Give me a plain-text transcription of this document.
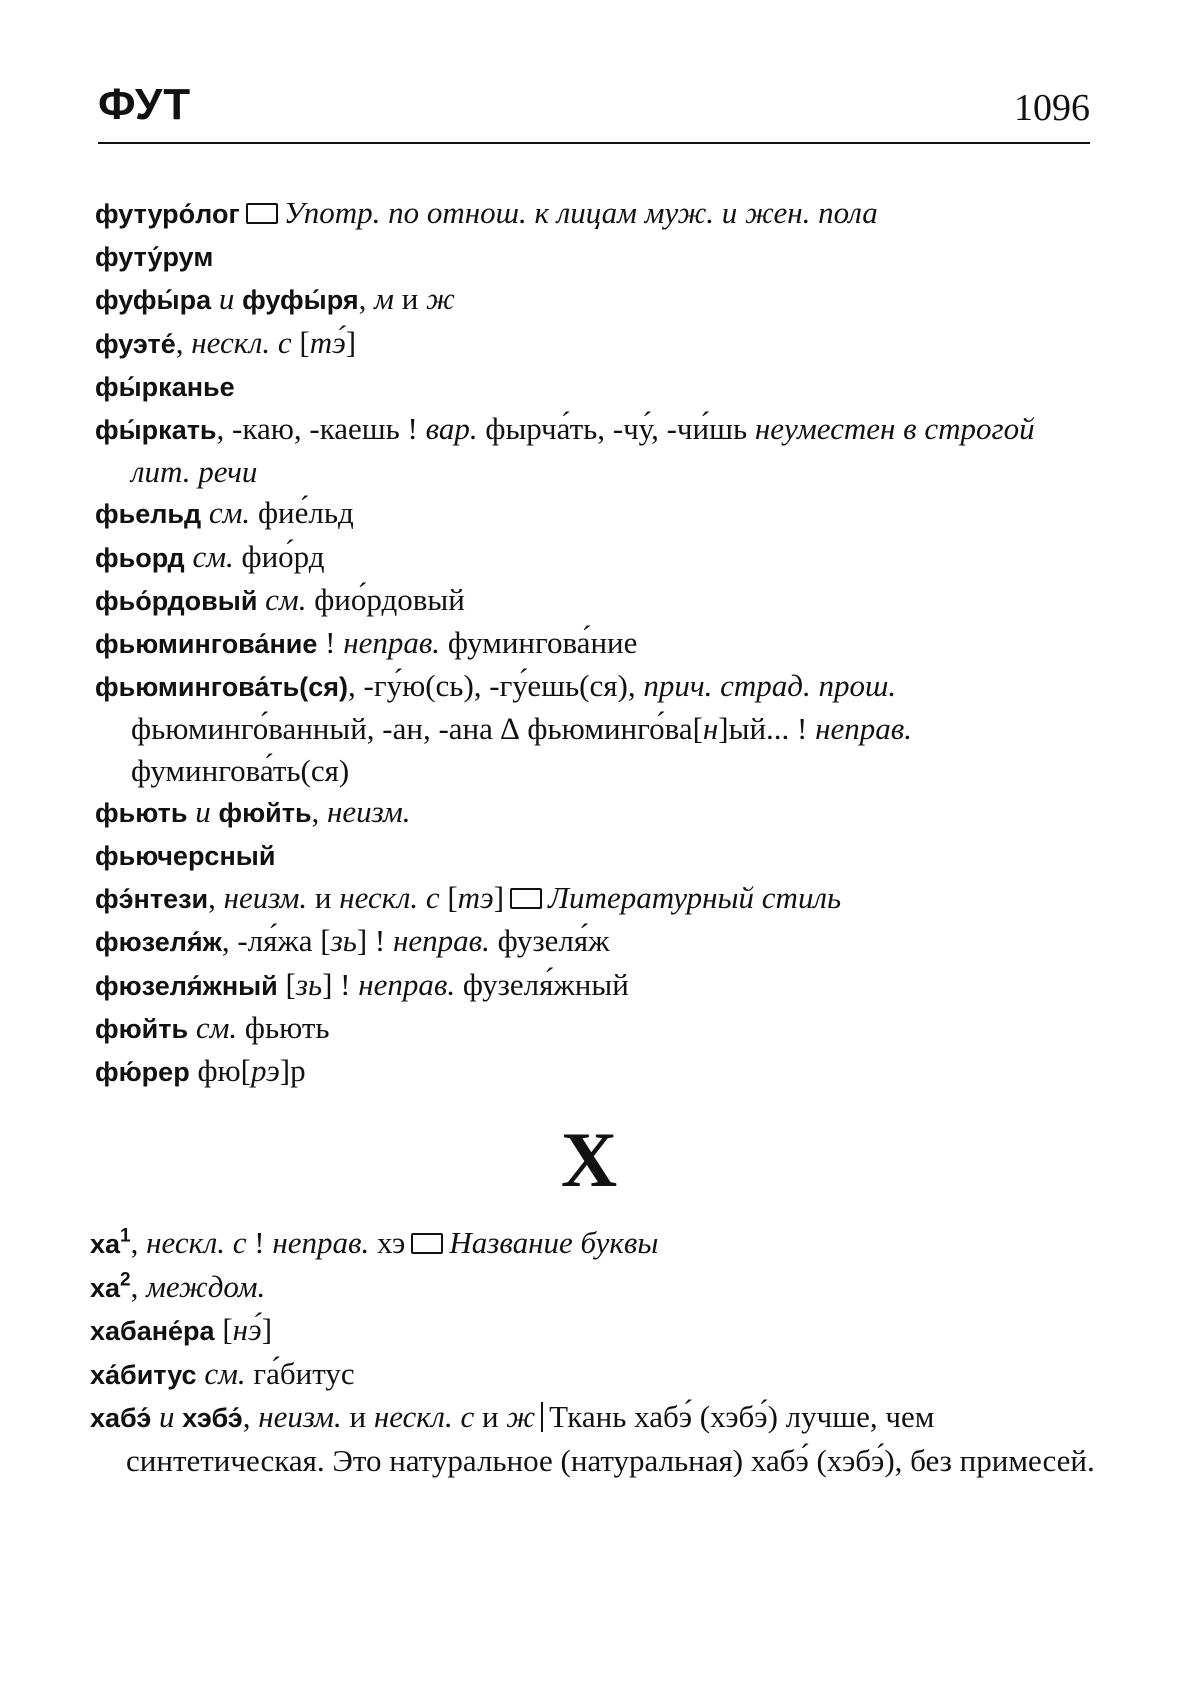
ФУТ	1096

футуро́лог Употр. по отнош. к лицам муж. и жен. пола

футу́рум

фуфы́ра и фуфы́ря, м и ж

фуэте́, нескл. с [тэ́]

фы́рканье

фы́ркать, -каю, -каешь ! вар. фырча́ть, -чу́, -чи́шь неуместен в строгой лит. речи

фьельд см. фие́льд

фьорд см. фио́рд

фьо́рдовый см. фио́рдовый

фьюмингова́ние ! неправ. фумингова́ние

фьюмингова́ть(ся), -гу́ю(сь), -гу́ешь(ся), прич. страд. прош. фьюминго́ванный, -ан, -ана ∆ фьюминго́ва[н]ый... ! неправ. фумингова́ть(ся)

фьють и фюйть, неизм.

фьючерсный

фэ́нтези, неизм. и нескл. с [тэ] Литературный стиль

фюзеля́ж, -ля́жа [зь] ! неправ. фузеля́ж

фюзеля́жный [зь] ! неправ. фузеля́жный

фюйть см. фьють

фю́рер фю[рэ]р

Х

$ха^1$, нескл. с ! неправ. хэ Название буквы

$ха^2$, междом.

хабане́ра [нэ́]

ха́битус см. га́битус

хабэ́ и хэбэ́, неизм. и нескл. с и ж Ткань хабэ́ (хэбэ́) лучше, чем синтетическая. Это натуральное (натуральная) хабэ́ (хэбэ́), без примесей.
